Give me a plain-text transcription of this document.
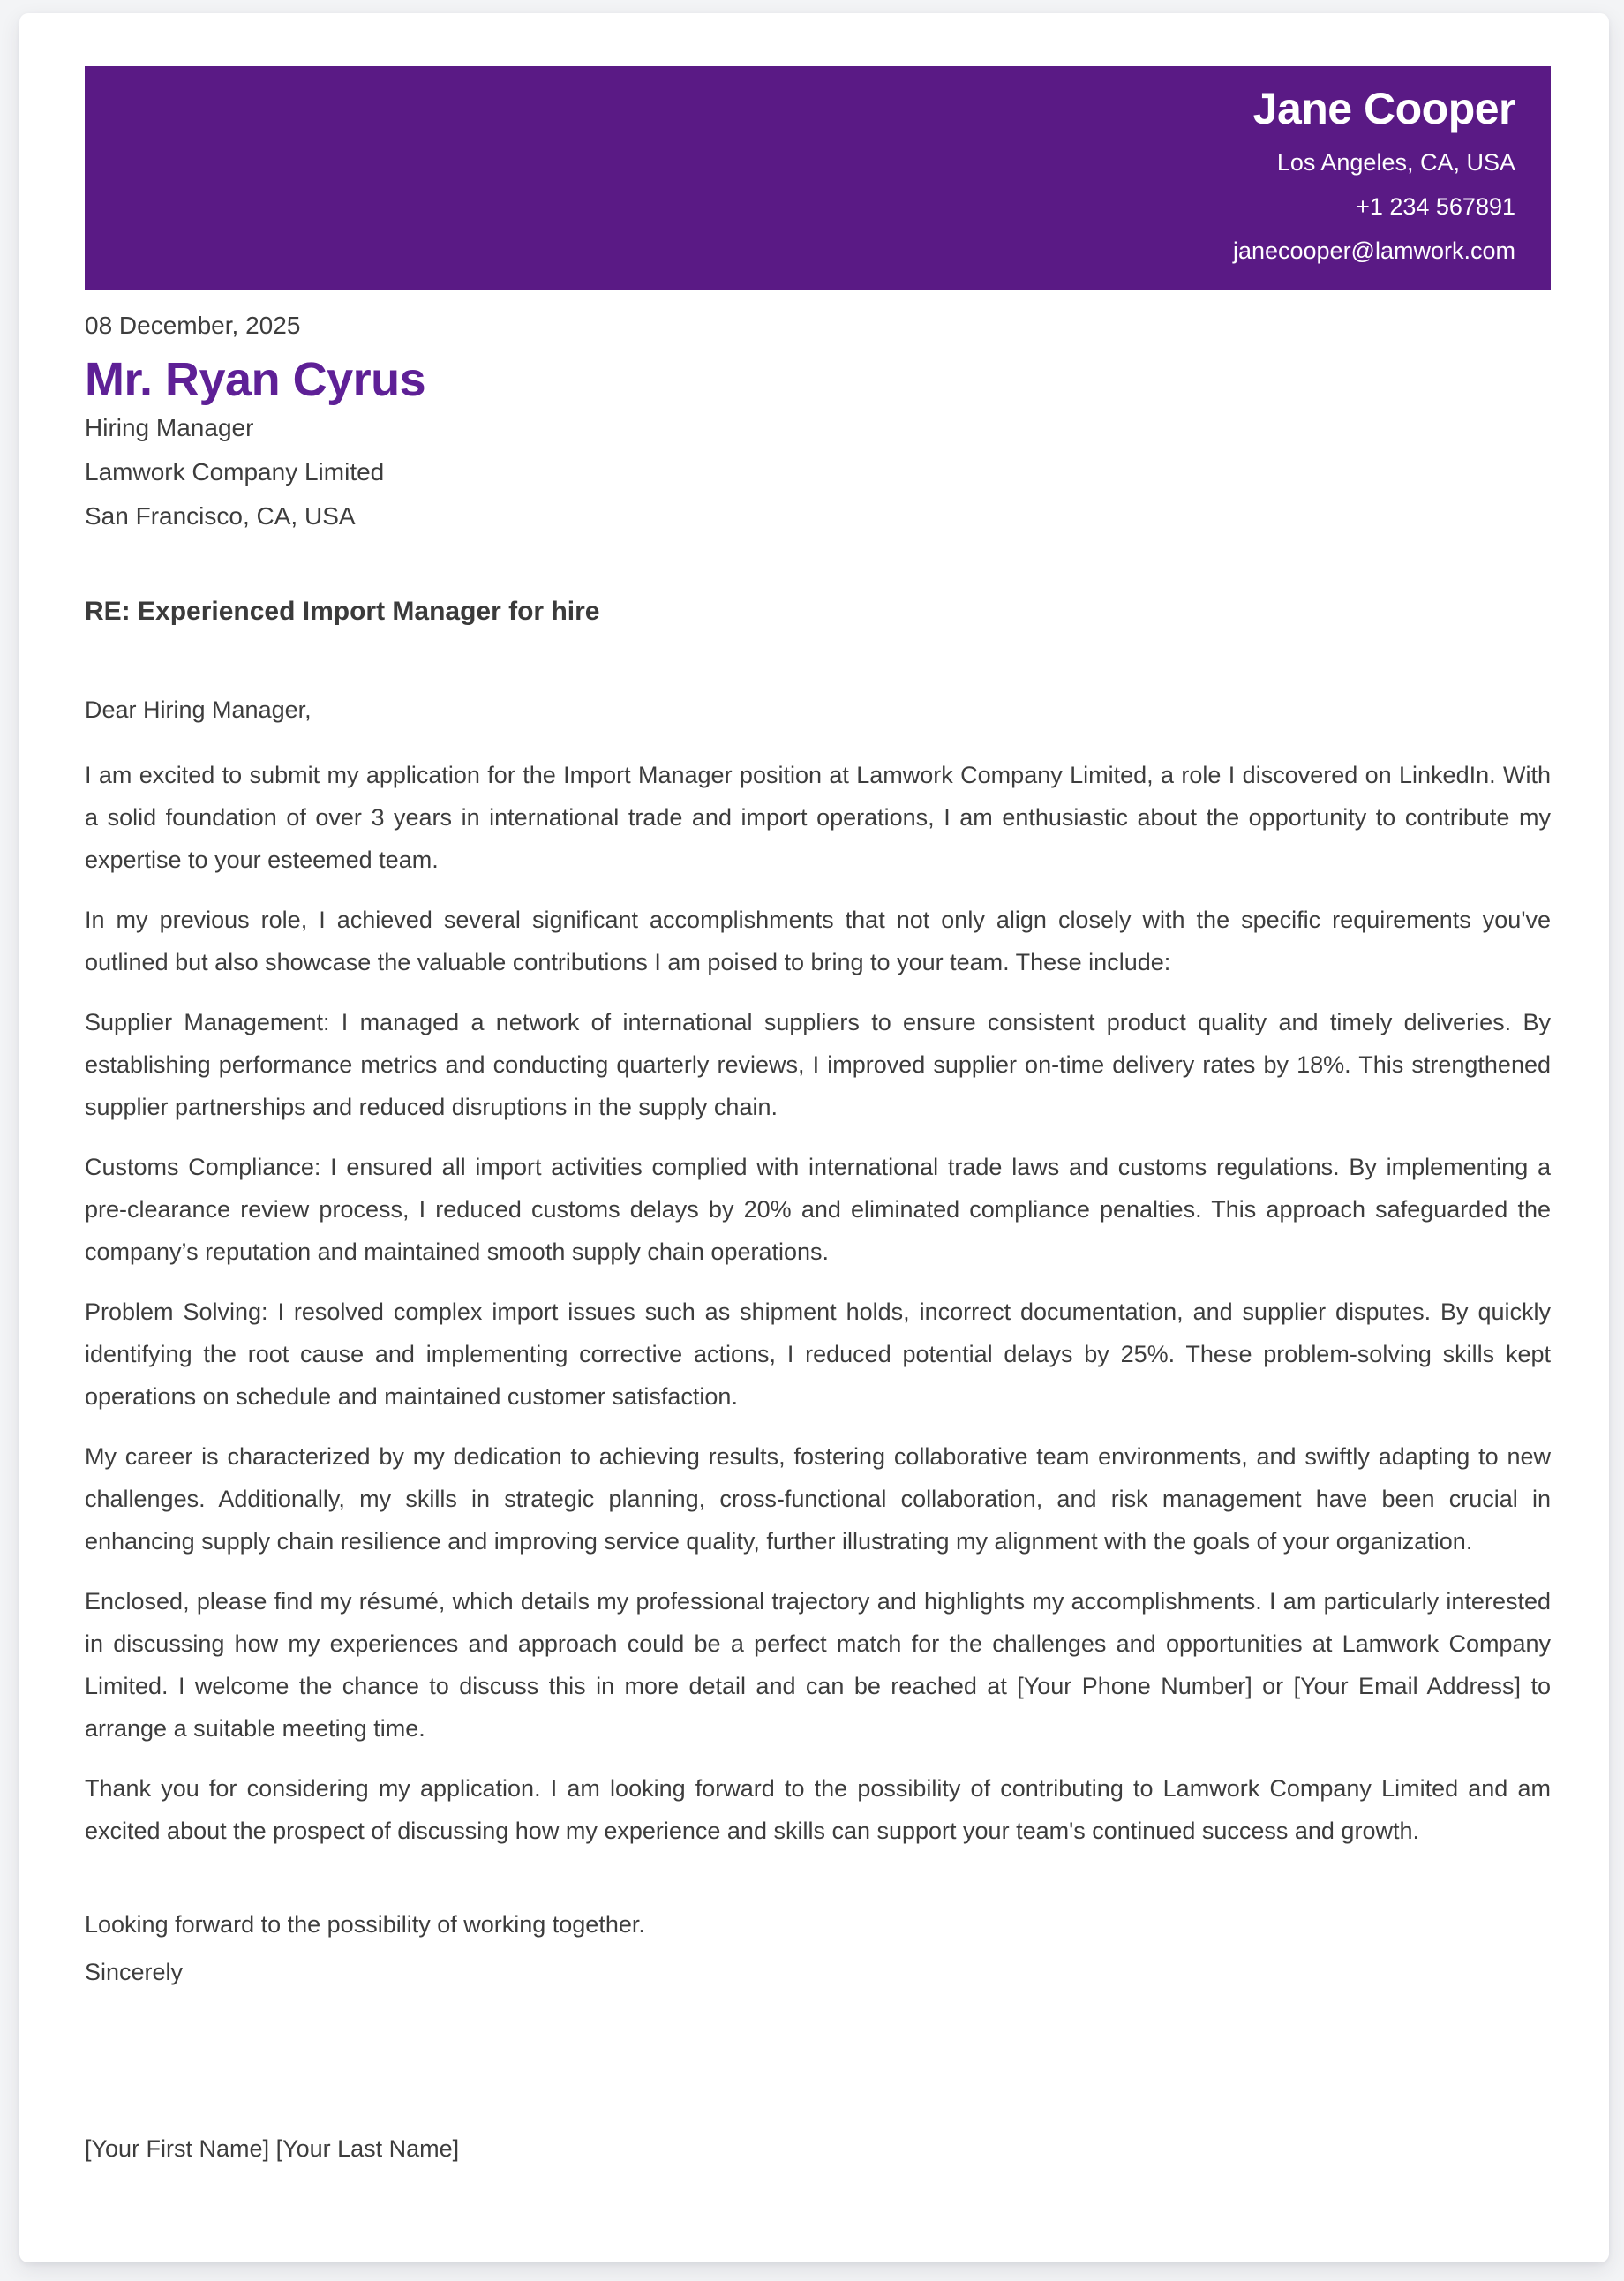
Jane Cooper
Los Angeles, CA, USA
+1 234 567891
janecooper@lamwork.com
08 December, 2025
Mr. Ryan Cyrus
Hiring Manager
Lamwork Company Limited
San Francisco, CA, USA
RE: Experienced Import Manager for hire

Dear Hiring Manager,

I am excited to submit my application for the Import Manager position at Lamwork Company Limited, a role I discovered on LinkedIn. With a solid foundation of over 3 years in international trade and import operations, I am enthusiastic about the opportunity to contribute my expertise to your esteemed team.

In my previous role, I achieved several significant accomplishments that not only align closely with the specific requirements you've outlined but also showcase the valuable contributions I am poised to bring to your team. These include:

Supplier Management: I managed a network of international suppliers to ensure consistent product quality and timely deliveries. By establishing performance metrics and conducting quarterly reviews, I improved supplier on-time delivery rates by 18%. This strengthened supplier partnerships and reduced disruptions in the supply chain.

Customs Compliance: I ensured all import activities complied with international trade laws and customs regulations. By implementing a pre-clearance review process, I reduced customs delays by 20% and eliminated compliance penalties. This approach safeguarded the company’s reputation and maintained smooth supply chain operations.

Problem Solving: I resolved complex import issues such as shipment holds, incorrect documentation, and supplier disputes. By quickly identifying the root cause and implementing corrective actions, I reduced potential delays by 25%. These problem-solving skills kept operations on schedule and maintained customer satisfaction.

My career is characterized by my dedication to achieving results, fostering collaborative team environments, and swiftly adapting to new challenges. Additionally, my skills in strategic planning, cross-functional collaboration, and risk management have been crucial in enhancing supply chain resilience and improving service quality, further illustrating my alignment with the goals of your organization.

Enclosed, please find my résumé, which details my professional trajectory and highlights my accomplishments. I am particularly interested in discussing how my experiences and approach could be a perfect match for the challenges and opportunities at Lamwork Company Limited. I welcome the chance to discuss this in more detail and can be reached at [Your Phone Number] or [Your Email Address] to arrange a suitable meeting time.

Thank you for considering my application. I am looking forward to the possibility of contributing to Lamwork Company Limited and am excited about the prospect of discussing how my experience and skills can support your team's continued success and growth.

Looking forward to the possibility of working together.

Sincerely

[Your First Name] [Your Last Name]
